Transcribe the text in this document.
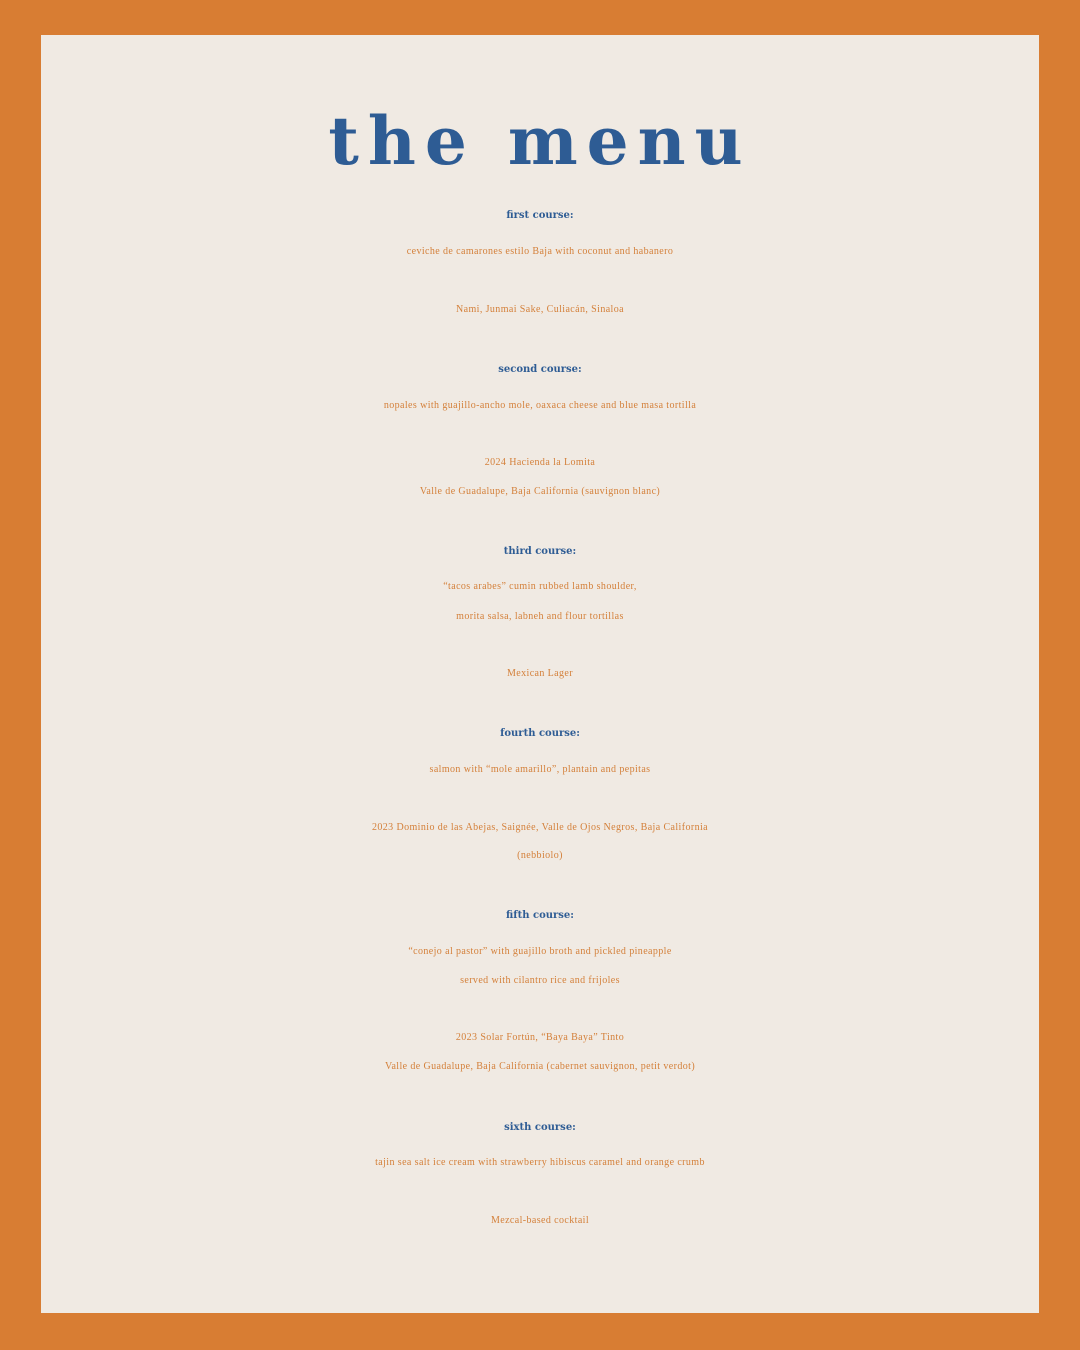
the menu
first course:
ceviche de camarones estilo Baja with coconut and habanero
Nami, Junmai Sake, Culiacán, Sinaloa
second course:
nopales with guajillo-ancho mole, oaxaca cheese and blue masa tortilla
2024 Hacienda la Lomita
Valle de Guadalupe, Baja California (sauvignon blanc)
third course:
“tacos arabes” cumin rubbed lamb shoulder,
morita salsa, labneh and flour tortillas
Mexican Lager
fourth course:
salmon with “mole amarillo”, plantain and pepitas
2023 Dominio de las Abejas, Saignée, Valle de Ojos Negros, Baja California
(nebbiolo)
fifth course:
“conejo al pastor” with guajillo broth and pickled pineapple
served with cilantro rice and frijoles
2023 Solar Fortún, “Baya Baya” Tinto
Valle de Guadalupe, Baja California (cabernet sauvignon, petit verdot)
sixth course:
tajin sea salt ice cream with strawberry hibiscus caramel and orange crumb
Mezcal-based cocktail
